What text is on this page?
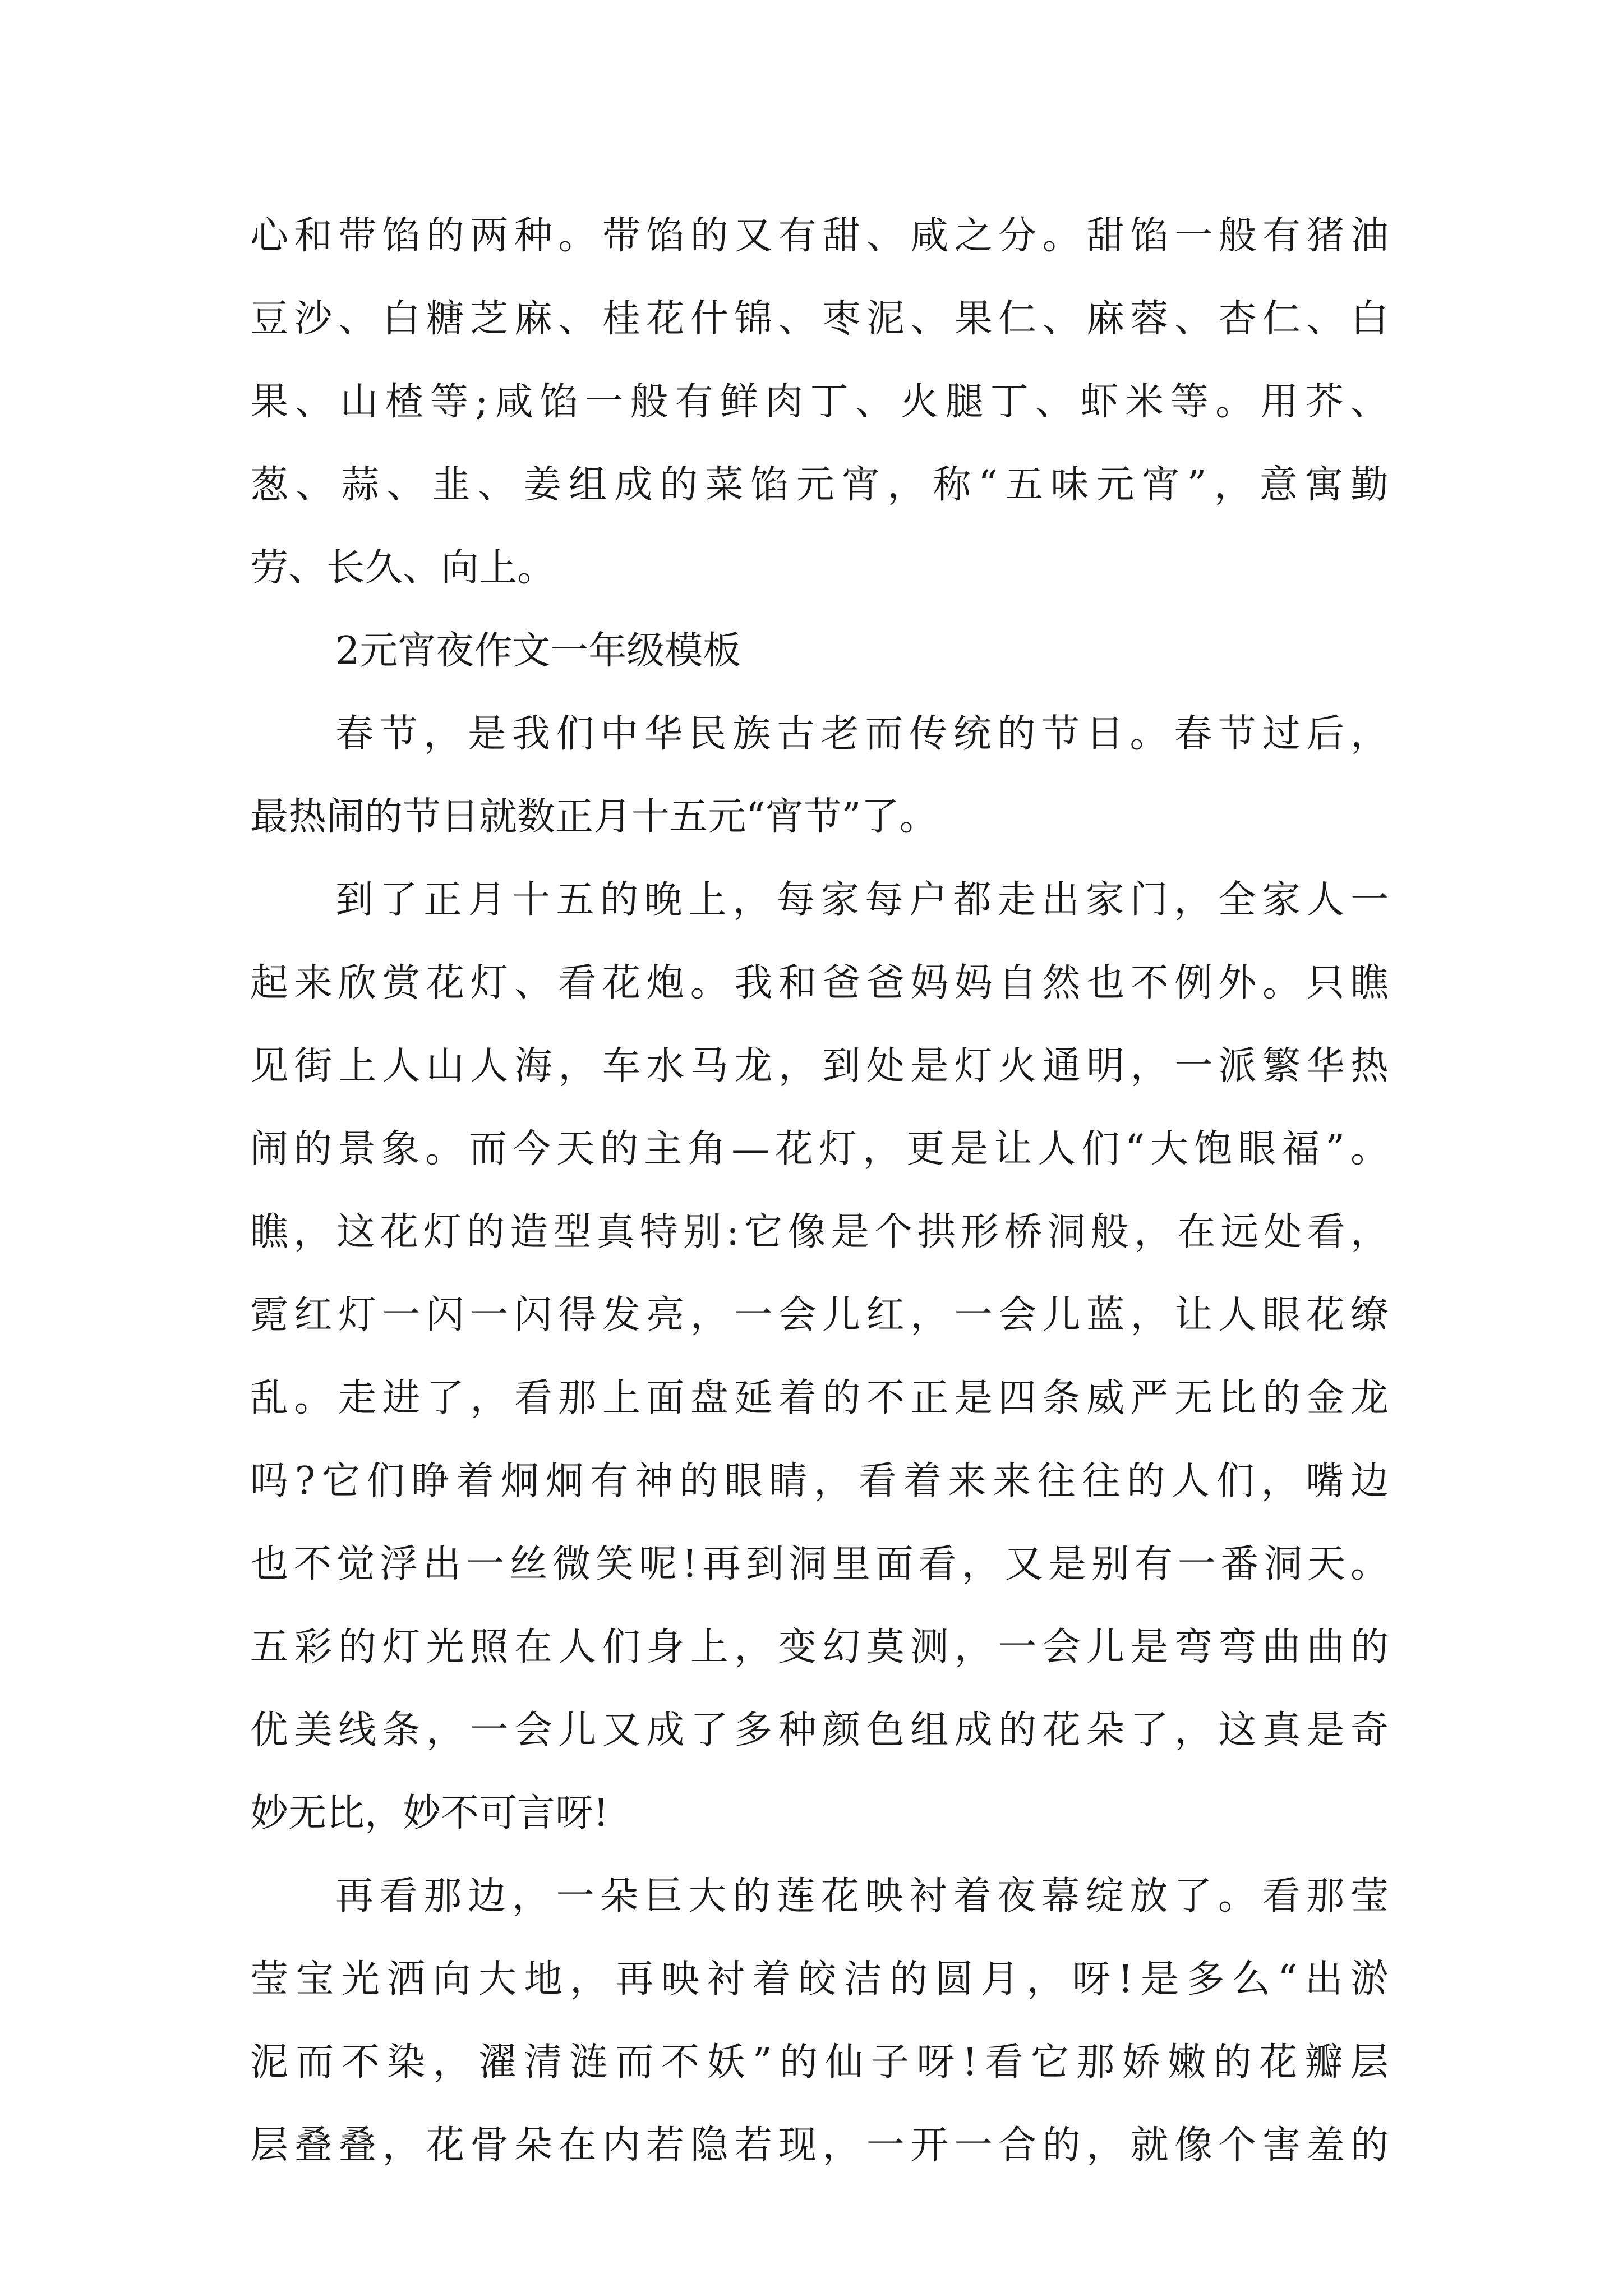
心和带馅的两种。带馅的又有甜、咸之分。甜馅一般有猪油

豆沙、白糖芝麻、桂花什锦、枣泥、果仁、麻蓉、杏仁、白

果、山楂等;咸馅一般有鲜肉丁、火腿丁、虾米等。用芥、

葱、蒜、韭、姜组成的菜馅元宵，称“五味元宵”，意寓勤

劳、长久、向上。

2元宵夜作文一年级模板

春节，是我们中华民族古老而传统的节日。春节过后，

最热闹的节日就数正月十五元“宵节”了。

到了正月十五的晚上，每家每户都走出家门，全家人一

起来欣赏花灯、看花炮。我和爸爸妈妈自然也不例外。只瞧

见街上人山人海，车水马龙，到处是灯火通明，一派繁华热

闹的景象。而今天的主角—花灯，更是让人们“大饱眼福”。

瞧，这花灯的造型真特别:它像是个拱形桥洞般，在远处看，

霓红灯一闪一闪得发亮，一会儿红，一会儿蓝，让人眼花缭

乱。走进了，看那上面盘延着的不正是四条威严无比的金龙

吗?它们睁着炯炯有神的眼睛，看着来来往往的人们，嘴边

也不觉浮出一丝微笑呢!再到洞里面看，又是别有一番洞天。

五彩的灯光照在人们身上，变幻莫测，一会儿是弯弯曲曲的

优美线条，一会儿又成了多种颜色组成的花朵了，这真是奇

妙无比，妙不可言呀!

再看那边，一朵巨大的莲花映衬着夜幕绽放了。看那莹

莹宝光洒向大地，再映衬着皎洁的圆月，呀!是多么“出淤

泥而不染，濯清涟而不妖”的仙子呀!看它那娇嫩的花瓣层

层叠叠，花骨朵在内若隐若现，一开一合的，就像个害羞的
